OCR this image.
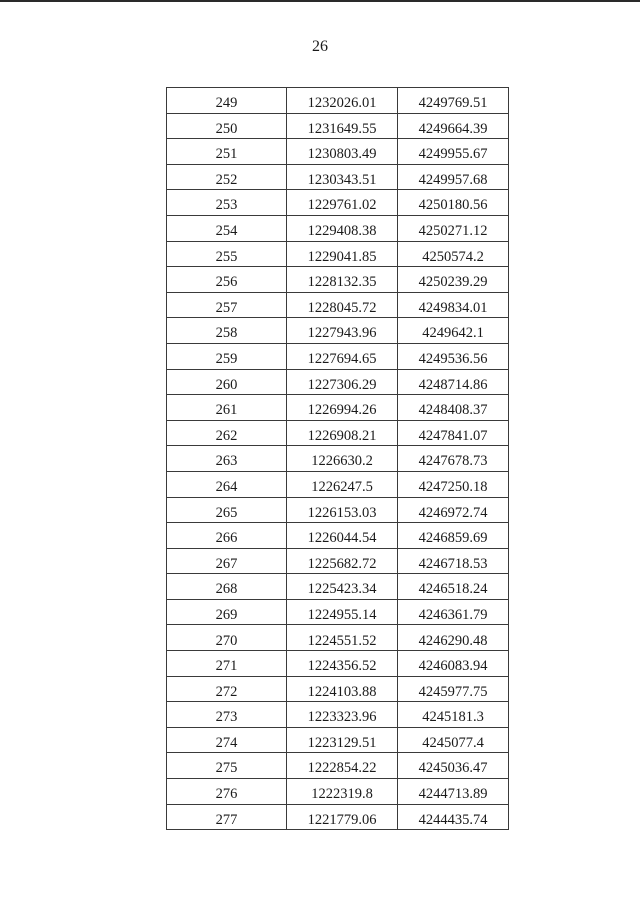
26
249	1232026.01	4249769.51
250	1231649.55	4249664.39
251	1230803.49	4249955.67
252	1230343.51	4249957.68
253	1229761.02	4250180.56
254	1229408.38	4250271.12
255	1229041.85	4250574.2
256	1228132.35	4250239.29
257	1228045.72	4249834.01
258	1227943.96	4249642.1
259	1227694.65	4249536.56
260	1227306.29	4248714.86
261	1226994.26	4248408.37
262	1226908.21	4247841.07
263	1226630.2	4247678.73
264	1226247.5	4247250.18
265	1226153.03	4246972.74
266	1226044.54	4246859.69
267	1225682.72	4246718.53
268	1225423.34	4246518.24
269	1224955.14	4246361.79
270	1224551.52	4246290.48
271	1224356.52	4246083.94
272	1224103.88	4245977.75
273	1223323.96	4245181.3
274	1223129.51	4245077.4
275	1222854.22	4245036.47
276	1222319.8	4244713.89
277	1221779.06	4244435.74
